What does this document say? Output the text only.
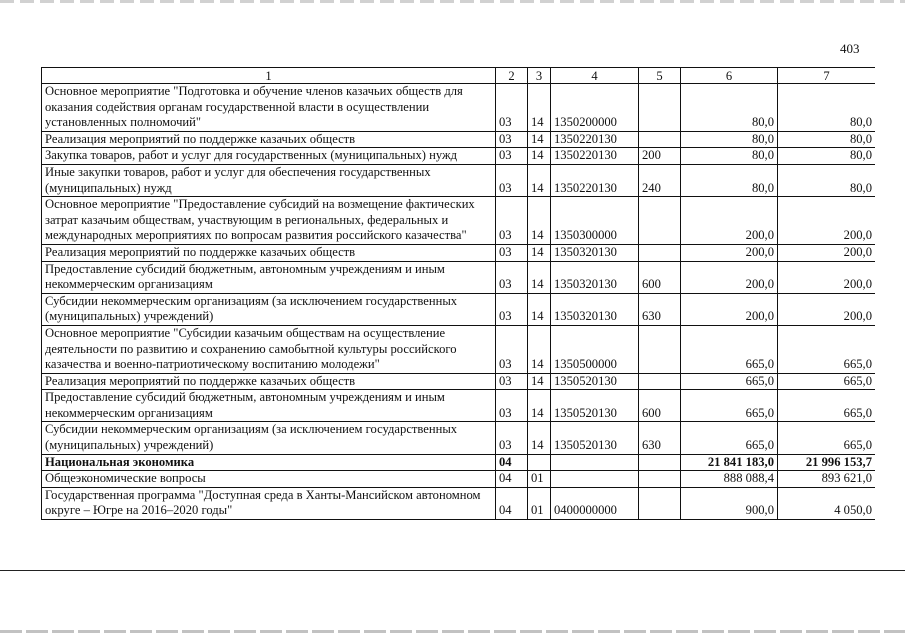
403
1	2	3	4	5	6	7
Основное мероприятие "Подготовка и обучение членов казачьих обществ для оказания содействия органам государственной власти в осуществлении установленных полномочий"	03	14	1350200000		80,0	80,0
Реализация мероприятий по поддержке казачьих обществ	03	14	1350220130		80,0	80,0
Закупка товаров, работ и услуг для государственных (муниципальных) нужд	03	14	1350220130	200	80,0	80,0
Иные закупки товаров, работ и услуг для обеспечения государственных (муниципальных) нужд	03	14	1350220130	240	80,0	80,0
Основное мероприятие "Предоставление субсидий на возмещение фактических затрат казачьим обществам, участвующим в региональных, федеральных и международных мероприятиях по вопросам развития российского казачества"	03	14	1350300000		200,0	200,0
Реализация мероприятий по поддержке казачьих обществ	03	14	1350320130		200,0	200,0
Предоставление субсидий бюджетным, автономным учреждениям и иным некоммерческим организациям	03	14	1350320130	600	200,0	200,0
Субсидии некоммерческим организациям (за исключением государственных (муниципальных) учреждений)	03	14	1350320130	630	200,0	200,0
Основное мероприятие "Субсидии казачьим обществам на осуществление деятельности по развитию и сохранению самобытной культуры российского казачества и военно-патриотическому воспитанию молодежи"	03	14	1350500000		665,0	665,0
Реализация мероприятий по поддержке казачьих обществ	03	14	1350520130		665,0	665,0
Предоставление субсидий бюджетным, автономным учреждениям и иным некоммерческим организациям	03	14	1350520130	600	665,0	665,0
Субсидии некоммерческим организациям (за исключением государственных (муниципальных) учреждений)	03	14	1350520130	630	665,0	665,0
Национальная экономика	04				21 841 183,0	21 996 153,7
Общеэкономические вопросы	04	01			888 088,4	893 621,0
Государственная программа "Доступная среда в Ханты-Мансийском автономном округе – Югре на 2016–2020 годы"	04	01	0400000000		900,0	4 050,0
